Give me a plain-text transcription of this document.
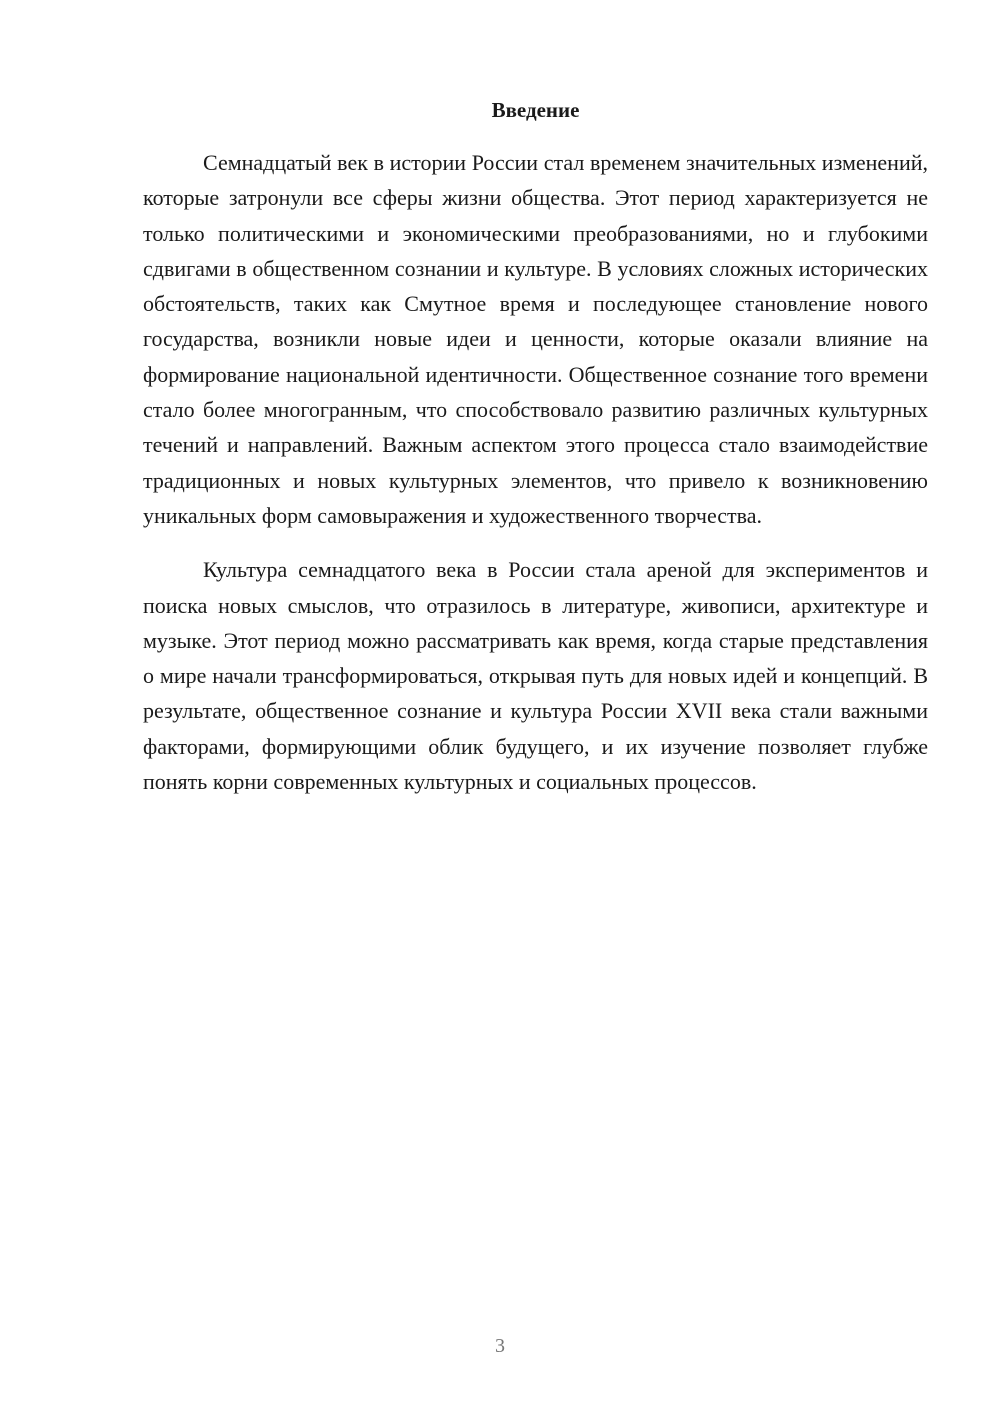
Введение

Семнадцатый век в истории России стал временем значительных изменений, которые затронули все сферы жизни общества. Этот период характеризуется не только политическими и экономическими преобразованиями, но и глубокими сдвигами в общественном сознании и культуре. В условиях сложных исторических обстоятельств, таких как Смутное время и последующее становление нового государства, возникли новые идеи и ценности, которые оказали влияние на формирование национальной идентичности. Общественное сознание того времени стало более многогранным, что способствовало развитию различных культурных течений и направлений. Важным аспектом этого процесса стало взаимодействие традиционных и новых культурных элементов, что привело к возникновению уникальных форм самовыражения и художественного творчества.

Культура семнадцатого века в России стала ареной для экспериментов и поиска новых смыслов, что отразилось в литературе, живописи, архитектуре и музыке. Этот период можно рассматривать как время, когда старые представления о мире начали трансформироваться, открывая путь для новых идей и концепций. В результате, общественное сознание и культура России XVII века стали важными факторами, формирующими облик будущего, и их изучение позволяет глубже понять корни современных культурных и социальных процессов.

3
